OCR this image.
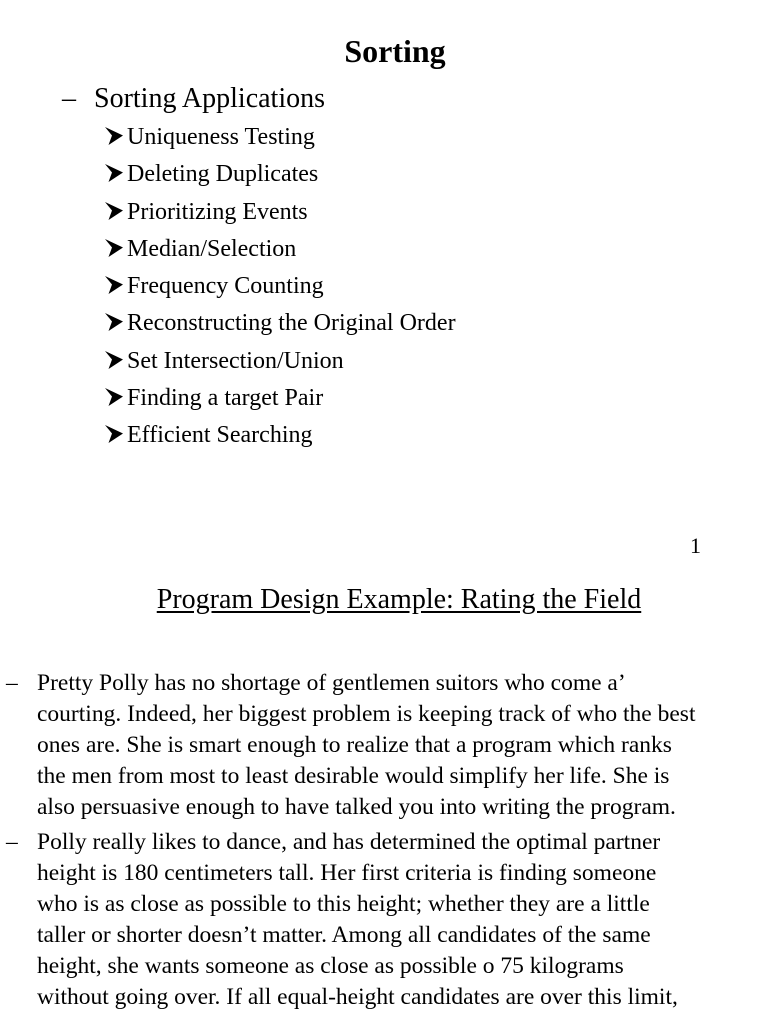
Sorting
– Sorting Applications
Uniqueness Testing
Deleting Duplicates
Prioritizing Events
Median/Selection
Frequency Counting
Reconstructing the Original Order
Set Intersection/Union
Finding a target Pair
Efficient Searching
1
Program Design Example: Rating the Field
– Pretty Polly has no shortage of gentlemen suitors who come a’
courting. Indeed, her biggest problem is keeping track of who the best
ones are. She is smart enough to realize that a program which ranks
the men from most to least desirable would simplify her life. She is
also persuasive enough to have talked you into writing the program.
– Polly really likes to dance, and has determined the optimal partner
height is 180 centimeters tall. Her first criteria is finding someone
who is as close as possible to this height; whether they are a little
taller or shorter doesn’t matter. Among all candidates of the same
height, she wants someone as close as possible o 75 kilograms
without going over. If all equal-height candidates are over this limit,
